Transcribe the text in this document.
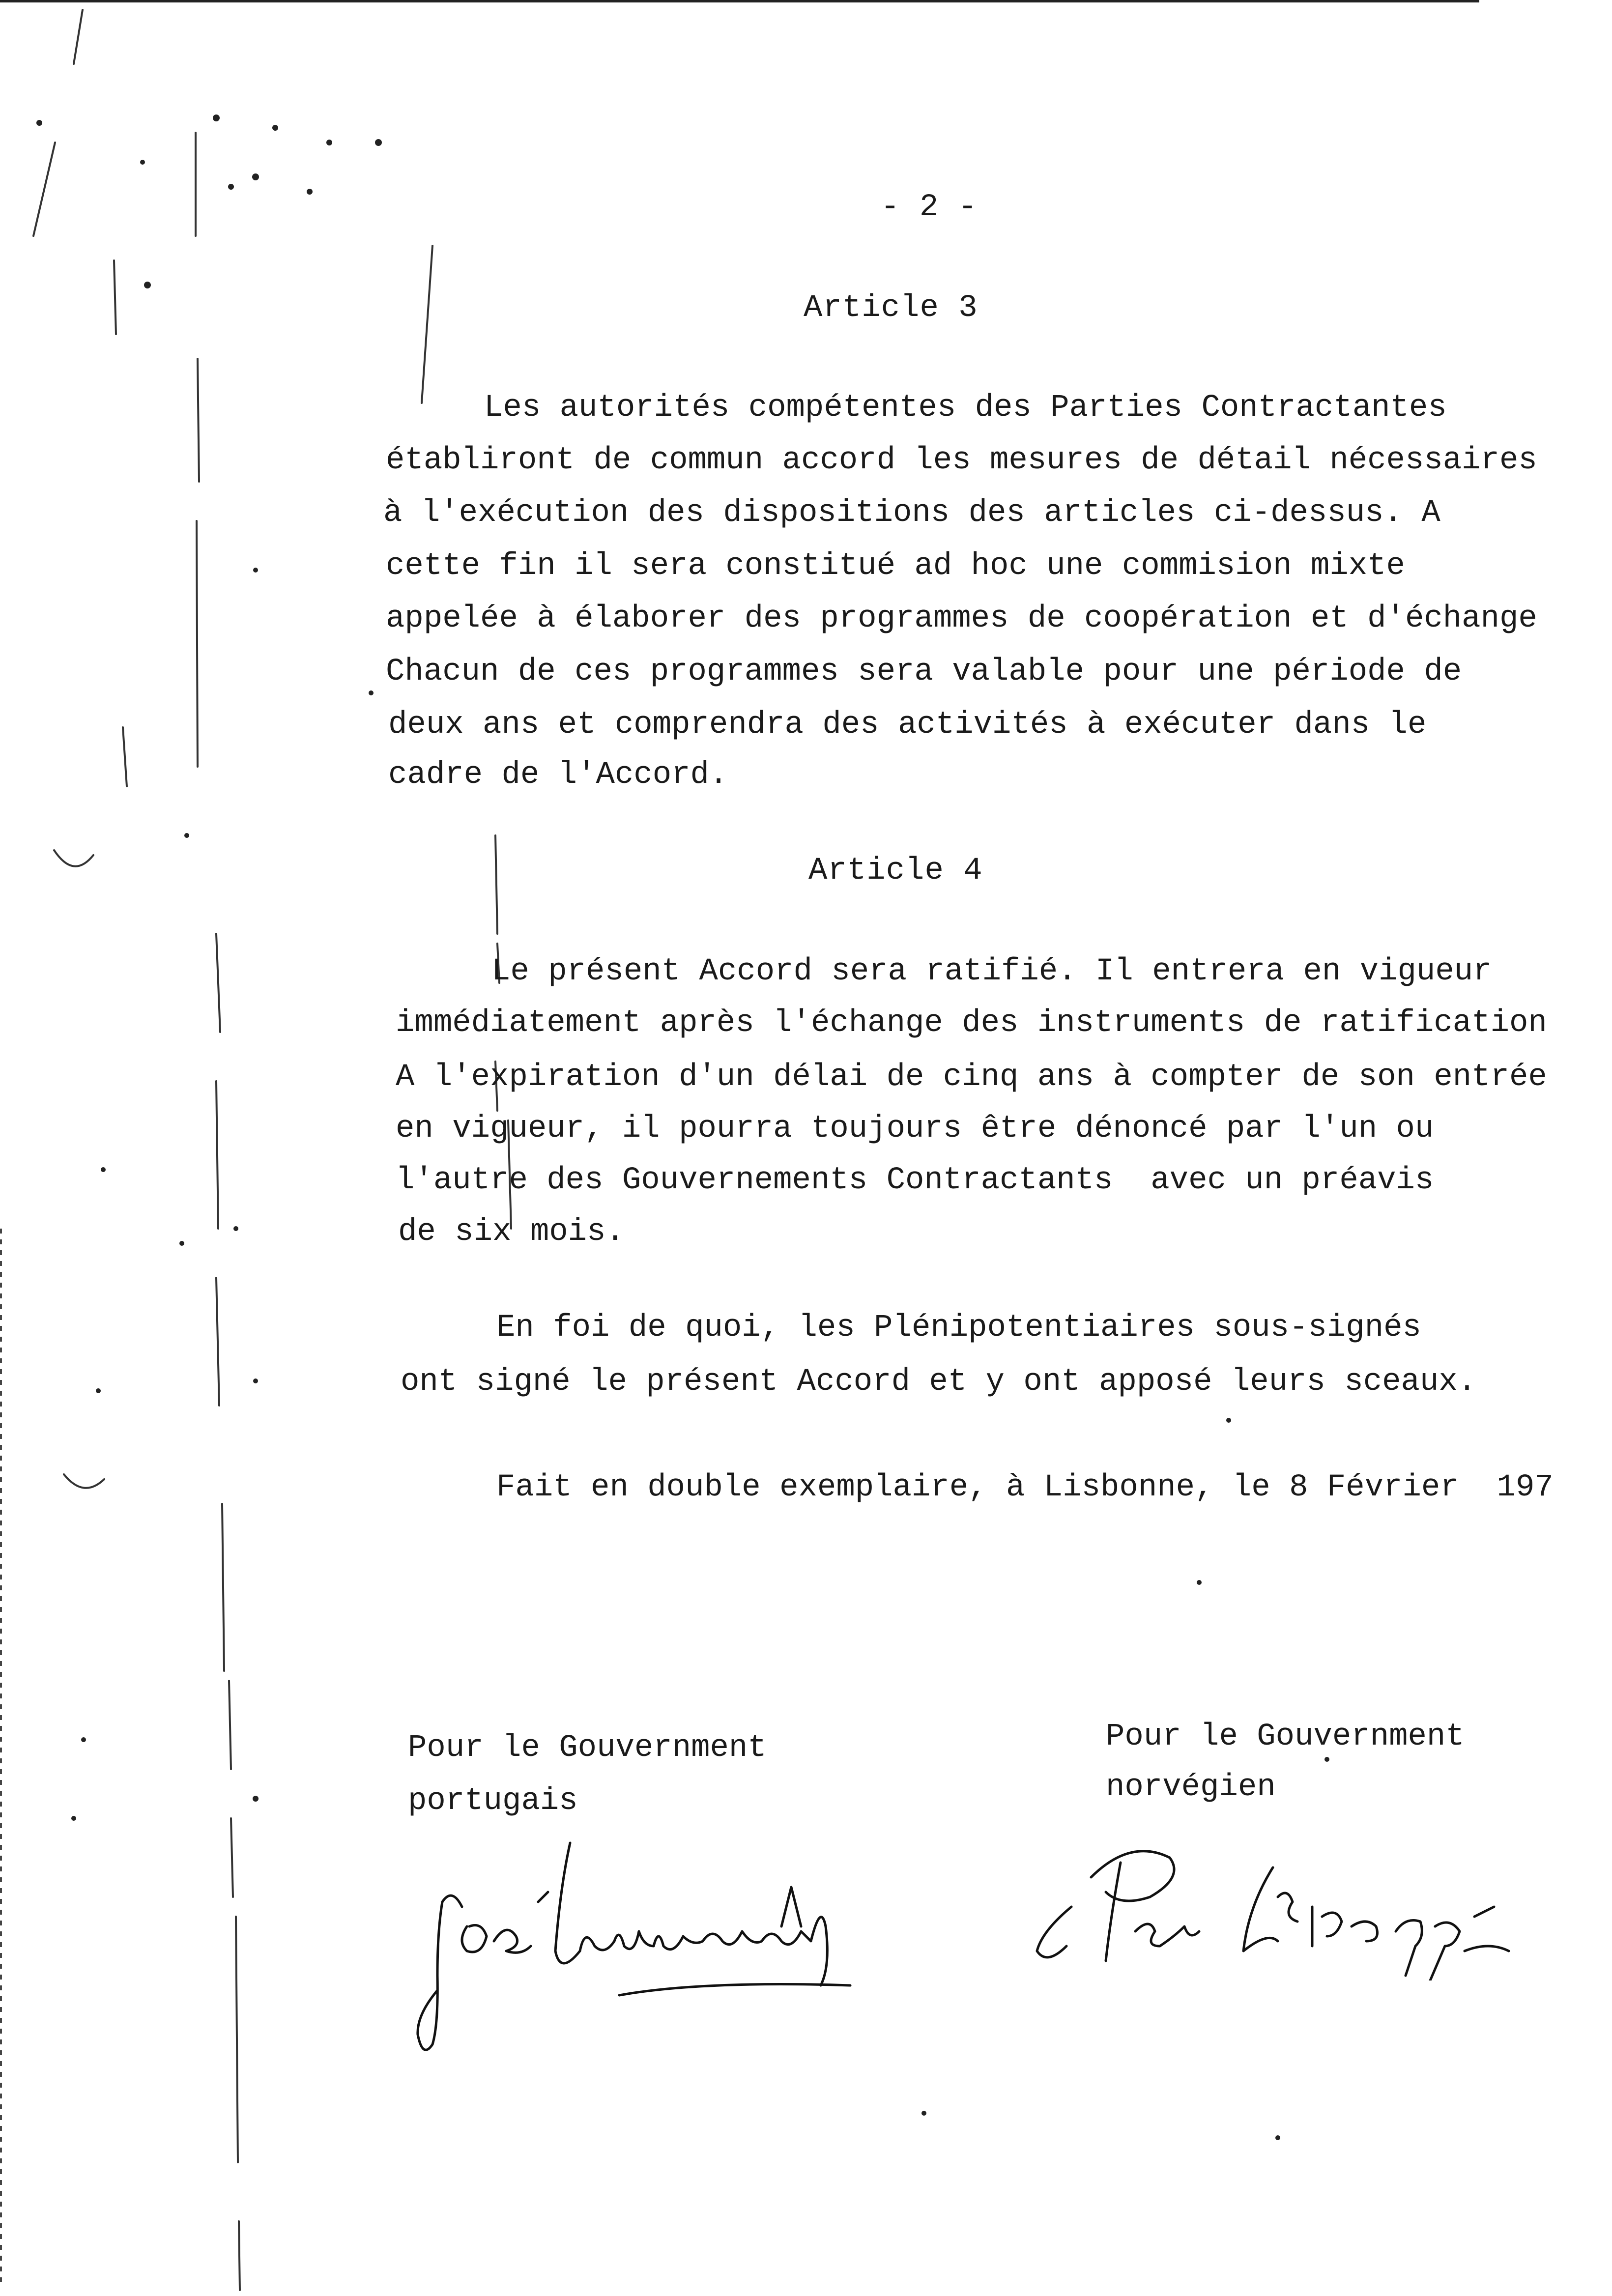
- 2 -
Article 3
Les autorités compétentes des Parties Contractantes
établiront de commun accord les mesures de détail nécessaires
à l'exécution des dispositions des articles ci-dessus. A
cette fin il sera constitué ad hoc une commision mixte
appelée à élaborer des programmes de coopération et d'échange
Chacun de ces programmes sera valable pour une période de
deux ans et comprendra des activités à exécuter dans le
cadre de l'Accord.
Article 4
Le présent Accord sera ratifié. Il entrera en vigueur
immédiatement après l'échange des instruments de ratification
A l'expiration d'un délai de cinq ans à compter de son entrée
en vigueur, il pourra toujours être dénoncé par l'un ou
l'autre des Gouvernements Contractants  avec un préavis
de six mois.
En foi de quoi, les Plénipotentiaires sous-signés
ont signé le présent Accord et y ont apposé leurs sceaux.
Fait en double exemplaire, à Lisbonne, le 8 Février  197
Pour le Gouvernment
portugais
Pour le Gouvernment
norvégien
